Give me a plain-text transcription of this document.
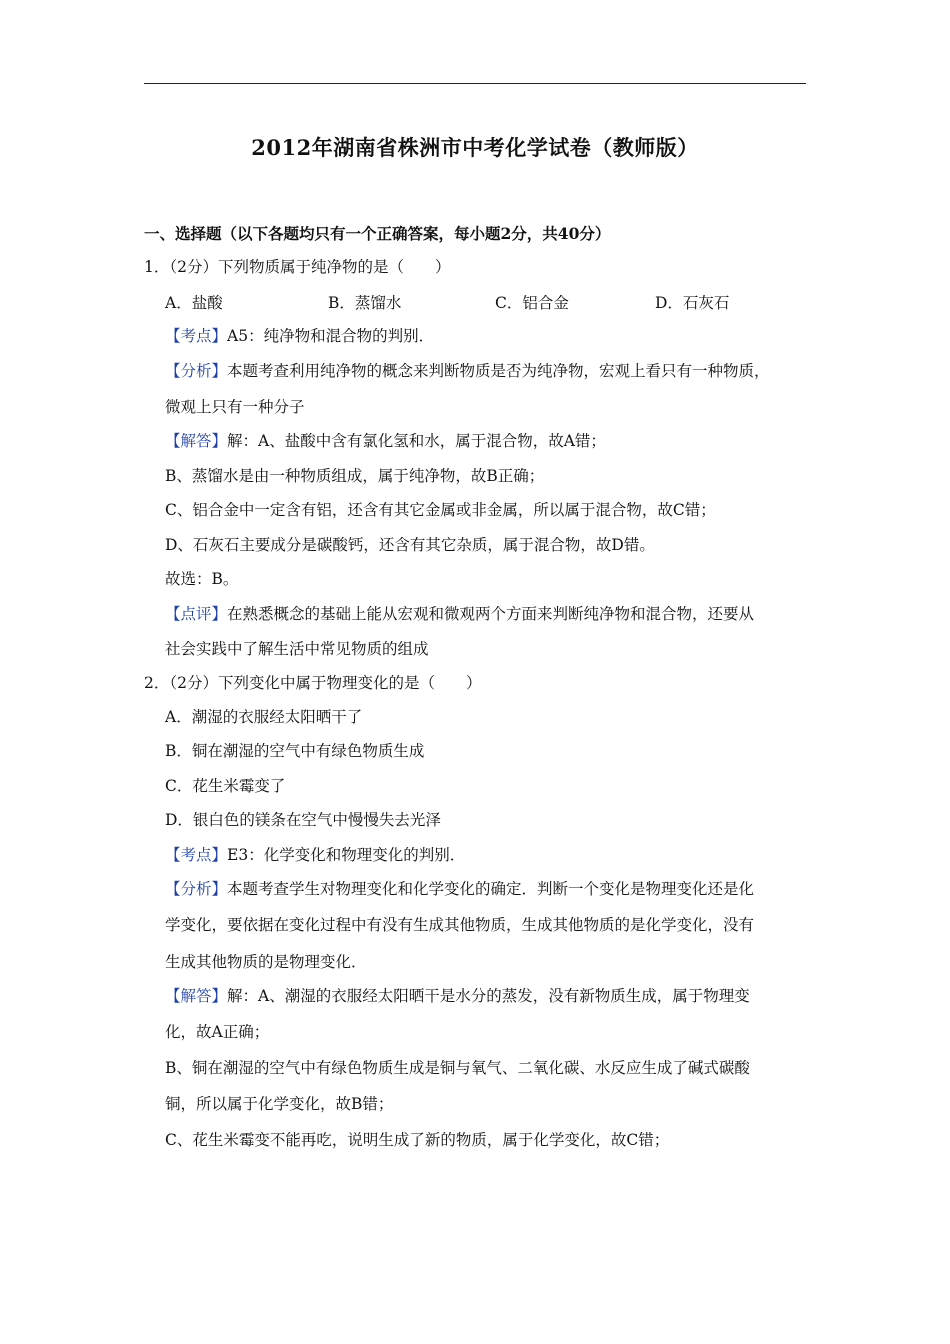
2012年湖南省株洲市中考化学试卷（教师版）
一、选择题（以下各题均只有一个正确答案，每小题2分，共40分）
1．（2分）下列物质属于纯净物的是（　　）
A．盐酸	B．蒸馏水	C．铝合金	D．石灰石
【考点】A5：纯净物和混合物的判别．
【分析】本题考查利用纯净物的概念来判断物质是否为纯净物，宏观上看只有一种物质，
微观上只有一种分子
【解答】解：A、盐酸中含有氯化氢和水，属于混合物，故A错；
B、蒸馏水是由一种物质组成，属于纯净物，故B正确；
C、铝合金中一定含有铝，还含有其它金属或非金属，所以属于混合物，故C错；
D、石灰石主要成分是碳酸钙，还含有其它杂质，属于混合物，故D错。
故选：B。
【点评】在熟悉概念的基础上能从宏观和微观两个方面来判断纯净物和混合物，还要从
社会实践中了解生活中常见物质的组成
2．（2分）下列变化中属于物理变化的是（　　）
A．潮湿的衣服经太阳晒干了
B．铜在潮湿的空气中有绿色物质生成
C．花生米霉变了
D．银白色的镁条在空气中慢慢失去光泽
【考点】E3：化学变化和物理变化的判别．
【分析】本题考查学生对物理变化和化学变化的确定．判断一个变化是物理变化还是化
学变化，要依据在变化过程中有没有生成其他物质，生成其他物质的是化学变化，没有
生成其他物质的是物理变化．
【解答】解：A、潮湿的衣服经太阳晒干是水分的蒸发，没有新物质生成，属于物理变
化，故A正确；
B、铜在潮湿的空气中有绿色物质生成是铜与氧气、二氧化碳、水反应生成了碱式碳酸
铜，所以属于化学变化，故B错；
C、花生米霉变不能再吃，说明生成了新的物质，属于化学变化，故C错；
